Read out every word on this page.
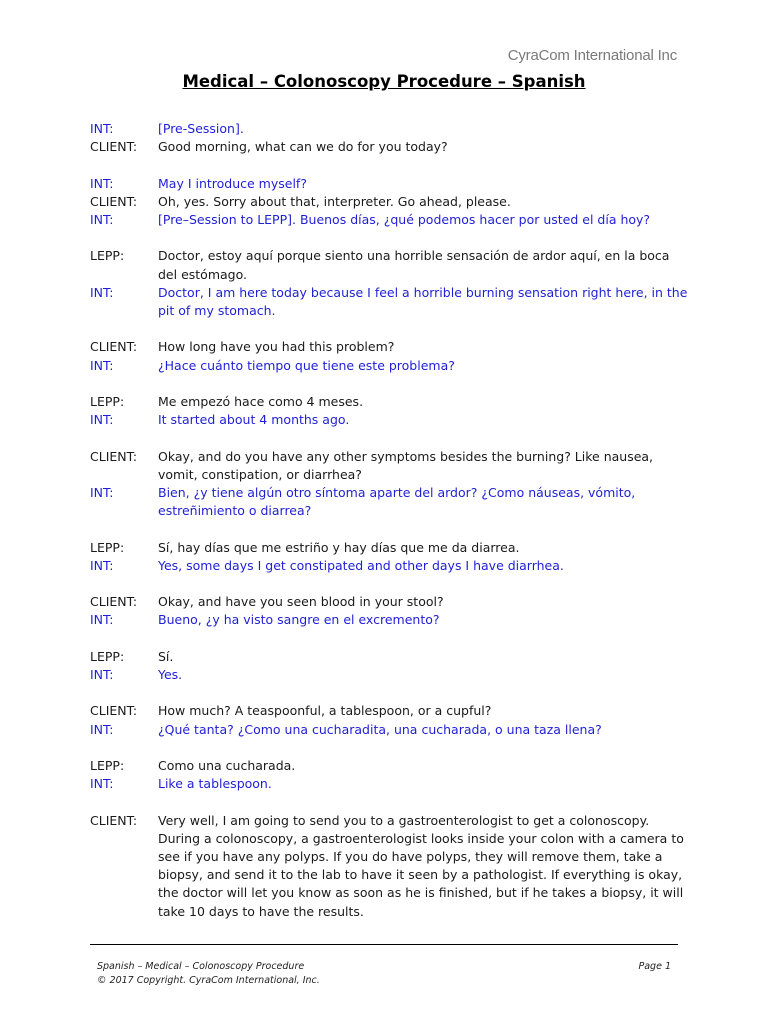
CyraCom International Inc
Medical – Colonoscopy Procedure – Spanish
INT:	[Pre-Session].
CLIENT:	Good morning, what can we do for you today?
INT:	May I introduce myself?
CLIENT:	Oh, yes. Sorry about that, interpreter. Go ahead, please.
INT:	[Pre–Session to LEPP]. Buenos días, ¿qué podemos hacer por usted el día hoy?
LEPP:	Doctor, estoy aquí porque siento una horrible sensación de ardor aquí, en la boca del estómago.
INT:	Doctor, I am here today because I feel a horrible burning sensation right here, in the pit of my stomach.
CLIENT:	How long have you had this problem?
INT:	¿Hace cuánto tiempo que tiene este problema?
LEPP:	Me empezó hace como 4 meses.
INT:	It started about 4 months ago.
CLIENT:	Okay, and do you have any other symptoms besides the burning? Like nausea, vomit, constipation, or diarrhea?
INT:	Bien, ¿y tiene algún otro síntoma aparte del ardor? ¿Como náuseas, vómito, estreñimiento o diarrea?
LEPP:	Sí, hay días que me estriño y hay días que me da diarrea.
INT:	Yes, some days I get constipated and other days I have diarrhea.
CLIENT:	Okay, and have you seen blood in your stool?
INT:	Bueno, ¿y ha visto sangre en el excremento?
LEPP:	Sí.
INT:	Yes.
CLIENT:	How much? A teaspoonful, a tablespoon, or a cupful?
INT:	¿Qué tanta? ¿Como una cucharadita, una cucharada, o una taza llena?
LEPP:	Como una cucharada.
INT:	Like a tablespoon.
CLIENT:	Very well, I am going to send you to a gastroenterologist to get a colonoscopy. During a colonoscopy, a gastroenterologist looks inside your colon with a camera to see if you have any polyps. If you do have polyps, they will remove them, take a biopsy, and send it to the lab to have it seen by a pathologist. If everything is okay, the doctor will let you know as soon as he is finished, but if he takes a biopsy, it will take 10 days to have the results.
Spanish – Medical – Colonoscopy Procedure	Page 1
© 2017 Copyright. CyraCom International, Inc.
